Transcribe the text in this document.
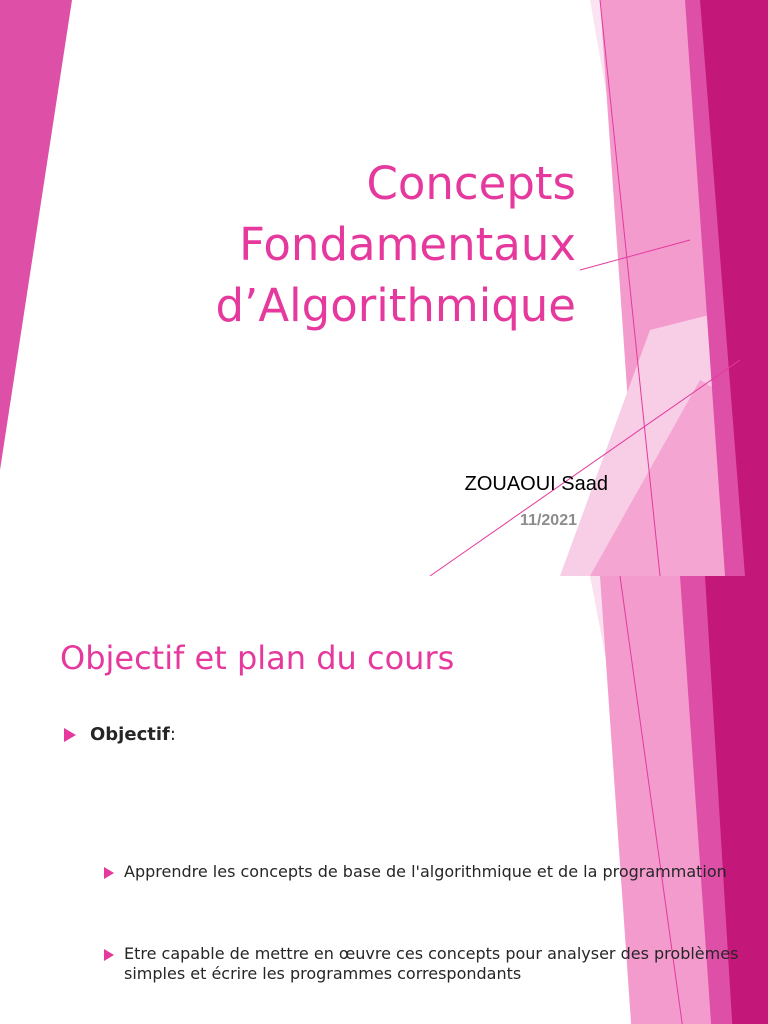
Concepts
Fondamentaux
d’Algorithmique
ZOUAOUI Saad
11/2021
Objectif et plan du cours
Objectif :
Apprendre les concepts de base de l'algorithmique et de la programmation
Etre capable de mettre en œuvre ces concepts pour analyser des problèmes simples et écrire les programmes correspondants
